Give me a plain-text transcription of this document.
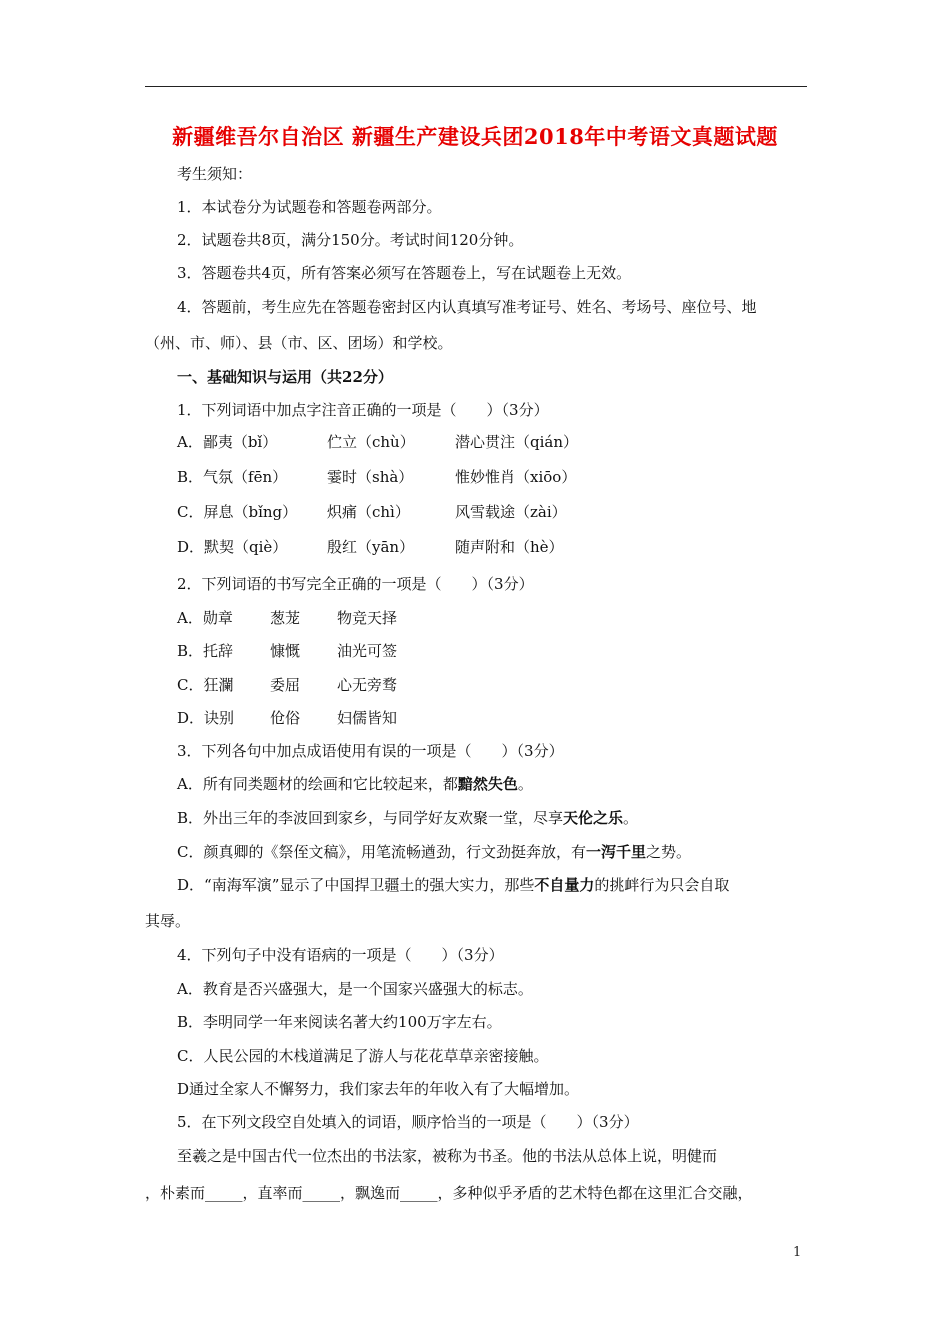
新疆维吾尔自治区 新疆生产建设兵团2018年中考语文真题试题
考生须知：
1．本试卷分为试题卷和答题卷两部分。
2．试题卷共8页，满分150分。考试时间120分钟。
3．答题卷共4页，所有答案必须写在答题卷上，写在试题卷上无效。
4．答题前，考生应先在答题卷密封区内认真填写准考证号、姓名、考场号、座位号、地
（州、市、师）、县（市、区、团场）和学校。
一、基础知识与运用（共22分）
1．下列词语中加点字注音正确的一项是（　　）（3分）
A．鄙夷（bǐ）	伫立（chù）	潜心贯注（qián）
B．气氛（fēn）	霎时（shà）	惟妙惟肖（xiōo）
C．屏息（bǐng） 炽痛（chì）	风雪载途（zài）
D．默契（qiè）	殷红（yān）	随声附和（hè）
2．下列词语的书写完全正确的一项是（　　）（3分）
A．勋章 葱茏 物竞天择
B．托辞 慷慨 油光可签
C．狂瀾 委屈 心无旁骛
D．诀别 伧俗 妇儒皆知
3．下列各句中加点成语使用有误的一项是（　　）（3分）
A．所有同类题材的绘画和它比较起来，都黯然失色。
B．外出三年的李波回到家乡，与同学好友欢聚一堂，尽享天伦之乐。
C．颜真卿的《祭侄文稿》，用笔流畅遒劲，行文劲挺奔放，有一泻千里之势。
D．“南海军演”显示了中国捍卫疆土的强大实力，那些不自量力的挑衅行为只会自取
其辱。
4．下列句子中没有语病的一项是（　　）（3分）
A．教育是否兴盛强大，是一个国家兴盛强大的标志。
B．李明同学一年来阅读名著大约100万字左右。
C．人民公园的木栈道满足了游人与花花草草亲密接触。
D通过全家人不懈努力，我们家去年的年收入有了大幅增加。
5．在下列文段空自处填入的词语，顺序恰当的一项是（　　）（3分）
至羲之是中国古代一位杰出的书法家，被称为书圣。他的书法从总体上说，明健而
，朴素而_____，直率而_____，飘逸而_____，多种似乎矛盾的艺术特色都在这里汇合交融，
1
